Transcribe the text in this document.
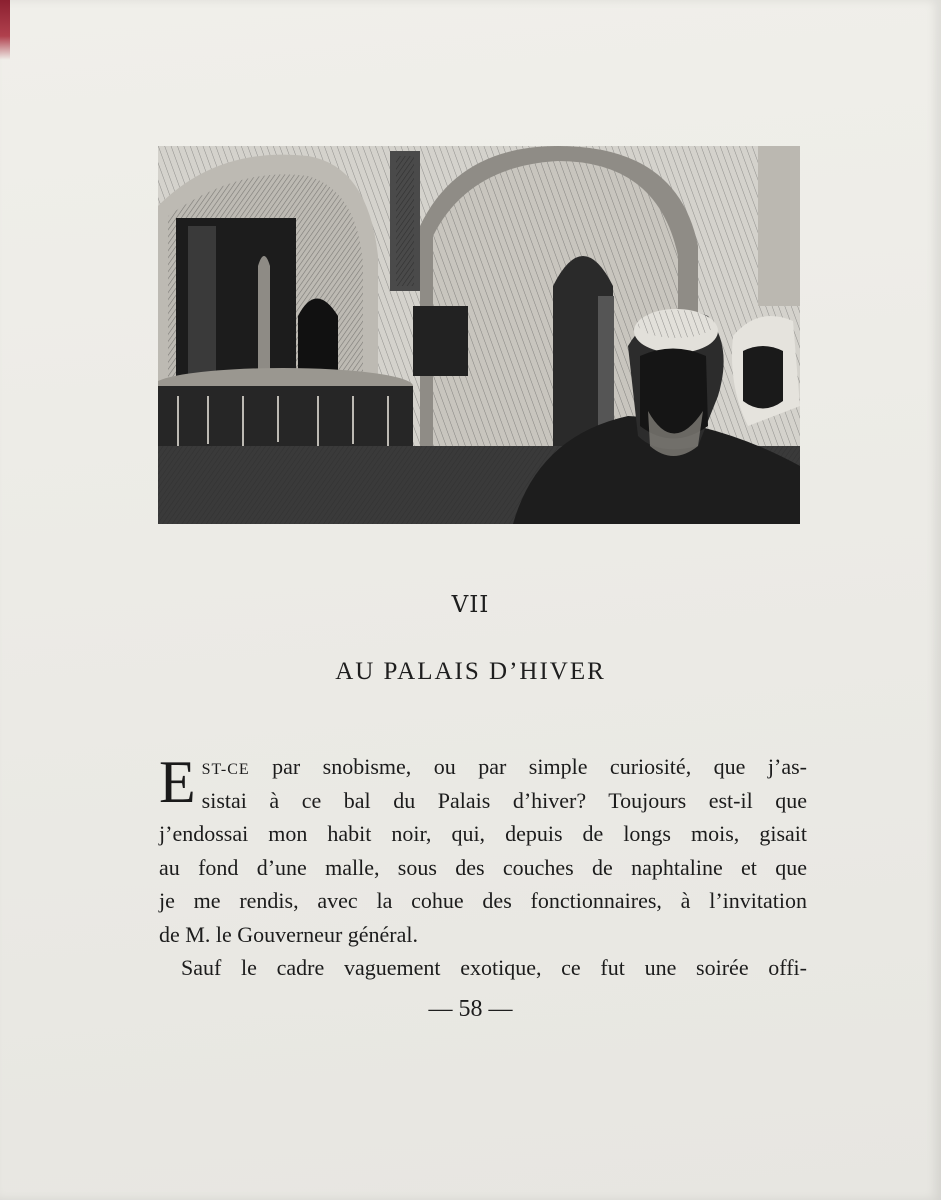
VII
AU PALAIS D’HIVER
E ST-CE par snobisme, ou par simple curiosité, que j’as-
sistai à ce bal du Palais d’hiver? Toujours est-il que
j’endossai mon habit noir, qui, depuis de longs mois, gisait
au fond d’une malle, sous des couches de naphtaline et que
je me rendis, avec la cohue des fonctionnaires, à l’invitation
de M. le Gouverneur général.
Sauf le cadre vaguement exotique, ce fut une soirée offi-
— 58 —
